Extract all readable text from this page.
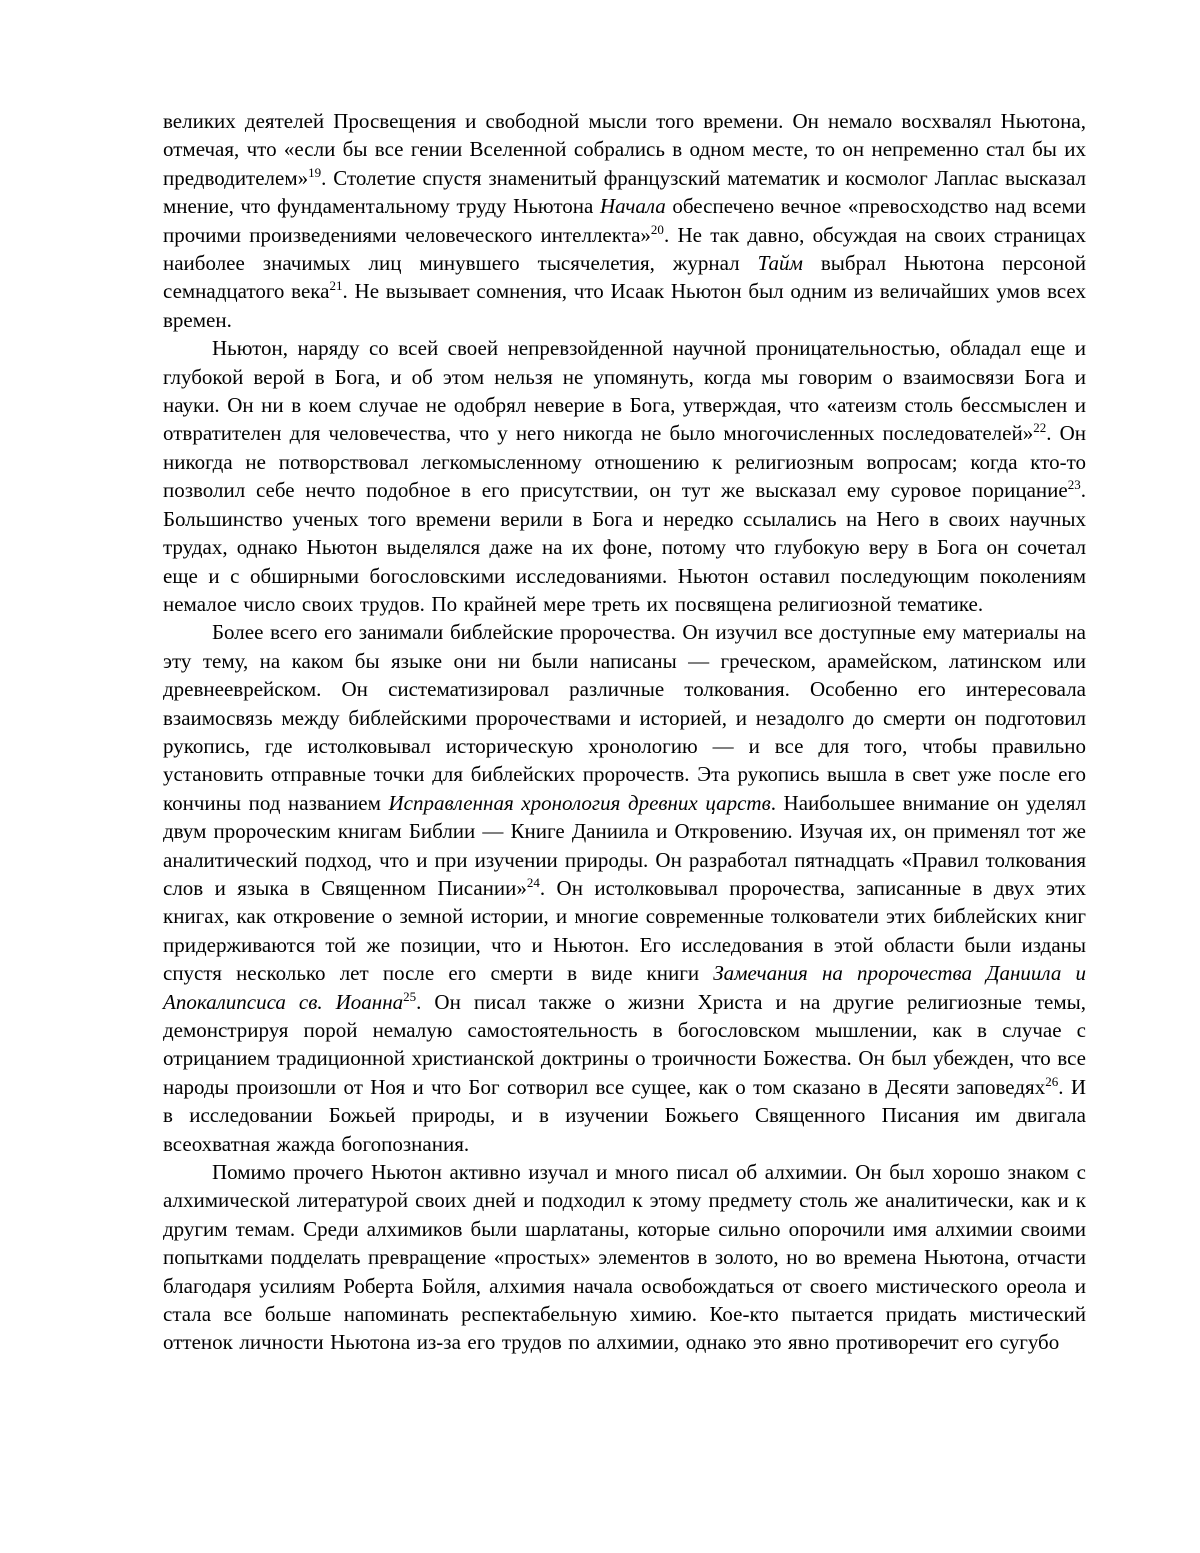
великих деятелей Просвещения и свободной мысли того времени. Он немало восхвалял Ньютона, отмечая, что «если бы все гении Вселенной собрались в одном месте, то он непременно стал бы их предводителем»$^{19}$. Столетие спустя знаменитый французский математик и космолог Лаплас высказал мнение, что фундаментальному труду Ньютона Начала обеспечено вечное «превосходство над всеми прочими произведениями человеческого интеллекта»$^{20}$. Не так давно, обсуждая на своих страницах наиболее значимых лиц минувшего тысячелетия, журнал Тайм выбрал Ньютона персоной семнадцатого века$^{21}$. Не вызывает сомнения, что Исаак Ньютон был одним из величайших умов всех времен.

Ньютон, наряду со всей своей непревзойденной научной проницательностью, обладал еще и глубокой верой в Бога, и об этом нельзя не упомянуть, когда мы говорим о взаимосвязи Бога и науки. Он ни в коем случае не одобрял неверие в Бога, утверждая, что «атеизм столь бессмыслен и отвратителен для человечества, что у него никогда не было многочисленных последователей»$^{22}$. Он никогда не потворствовал легкомысленному отношению к религиозным вопросам; когда кто-то позволил себе нечто подобное в его присутствии, он тут же высказал ему суровое порицание$^{23}$. Большинство ученых того времени верили в Бога и нередко ссылались на Него в своих научных трудах, однако Ньютон выделялся даже на их фоне, потому что глубокую веру в Бога он сочетал еще и с обширными богословскими исследованиями. Ньютон оставил последующим поколениям немалое число своих трудов. По крайней мере треть их посвящена религиозной тематике.

Более всего его занимали библейские пророчества. Он изучил все доступные ему материалы на эту тему, на каком бы языке они ни были написаны — греческом, арамейском, латинском или древнееврейском. Он систематизировал различные толкования. Особенно его интересовала взаимосвязь между библейскими пророчествами и историей, и незадолго до смерти он подготовил рукопись, где истолковывал историческую хронологию — и все для того, чтобы правильно установить отправные точки для библейских пророчеств. Эта рукопись вышла в свет уже после его кончины под названием Исправленная хронология древних царств. Наибольшее внимание он уделял двум пророческим книгам Библии — Книге Даниила и Откровению. Изучая их, он применял тот же аналитический подход, что и при изучении природы. Он разработал пятнадцать «Правил толкования слов и языка в Священном Писании»$^{24}$. Он истолковывал пророчества, записанные в двух этих книгах, как откровение о земной истории, и многие современные толкователи этих библейских книг придерживаются той же позиции, что и Ньютон. Его исследования в этой области были изданы спустя несколько лет после его смерти в виде книги Замечания на пророчества Даниила и Апокалипсиса св. Иоанна$^{25}$. Он писал также о жизни Христа и на другие религиозные темы, демонстрируя порой немалую самостоятельность в богословском мышлении, как в случае с отрицанием традиционной христианской доктрины о троичности Божества. Он был убежден, что все народы произошли от Ноя и что Бог сотворил все сущее, как о том сказано в Десяти заповедях$^{26}$. И в исследовании Божьей природы, и в изучении Божьего Священного Писания им двигала всеохватная жажда богопознания.

Помимо прочего Ньютон активно изучал и много писал об алхимии. Он был хорошо знаком с алхимической литературой своих дней и подходил к этому предмету столь же аналитически, как и к другим темам. Среди алхимиков были шарлатаны, которые сильно опорочили имя алхимии своими попытками подделать превращение «простых» элементов в золото, но во времена Ньютона, отчасти благодаря усилиям Роберта Бойля, алхимия начала освобождаться от своего мистического ореола и стала все больше напоминать респектабельную химию. Кое-кто пытается придать мистический оттенок личности Ньютона из-за его трудов по алхимии, однако это явно противоречит его сугубо
